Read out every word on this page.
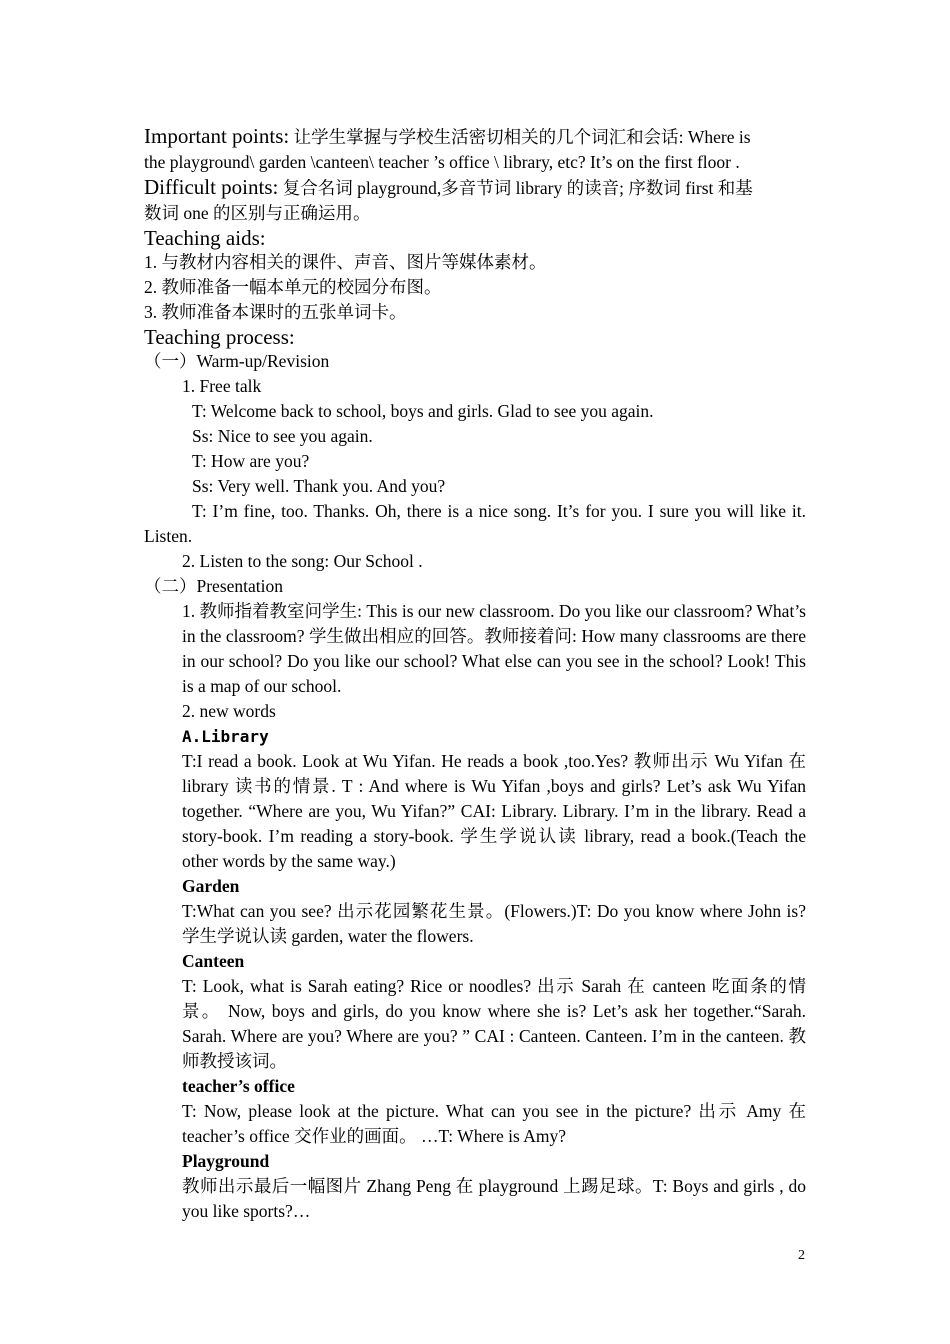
Important points: 让学生掌握与学校生活密切相关的几个词汇和会话: Where is
the playground\ garden \canteen\ teacher ’s office \ library, etc? It’s on the first floor .
Difficult points: 复合名词 playground,多音节词 library 的读音; 序数词 first 和基
数词 one 的区别与正确运用。
Teaching aids:
1. 与教材内容相关的课件、声音、图片等媒体素材。
2. 教师准备一幅本单元的校园分布图。
3. 教师准备本课时的五张单词卡。
Teaching process:
（一）Warm-up/Revision
1. Free talk
T: Welcome back to school, boys and girls. Glad to see you again.
Ss: Nice to see you again.
T: How are you?
Ss: Very well. Thank you. And you?
T: I’m fine, too. Thanks. Oh, there is a nice song. It’s for you. I sure you will like it. Listen.
2. Listen to the song: Our School .
（二）Presentation
1. 教师指着教室问学生: This is our new classroom. Do you like our classroom? What’s in the classroom? 学生做出相应的回答。教师接着问: How many classrooms are there in our school? Do you like our school? What else can you see in the school? Look! This is a map of our school.
2. new words
A.Library
T:I read a book. Look at Wu Yifan. He reads a book ,too.Yes? 教师出示 Wu Yifan 在 library 读书的情景. T : And where is Wu Yifan ,boys and girls? Let’s ask Wu Yifan together. “Where are you, Wu Yifan?” CAI: Library. Library. I’m in the library. Read a story-book. I’m reading a story-book. 学生学说认读 library, read a book.(Teach the other words by the same way.)
Garden
T:What can you see? 出示花园繁花生景。(Flowers.)T: Do you know where John is? 学生学说认读 garden, water the flowers.
Canteen
T: Look, what is Sarah eating? Rice or noodles? 出示 Sarah 在 canteen 吃面条的情景。 Now, boys and girls, do you know where she is? Let’s ask her together.“Sarah. Sarah. Where are you? Where are you? ” CAI : Canteen. Canteen. I’m in the canteen. 教师教授该词。
teacher’s office
T: Now, please look at the picture. What can you see in the picture? 出示 Amy 在 teacher’s office 交作业的画面。 …T: Where is Amy?
Playground
教师出示最后一幅图片 Zhang Peng 在 playground 上踢足球。T: Boys and girls , do you like sports?…
2
